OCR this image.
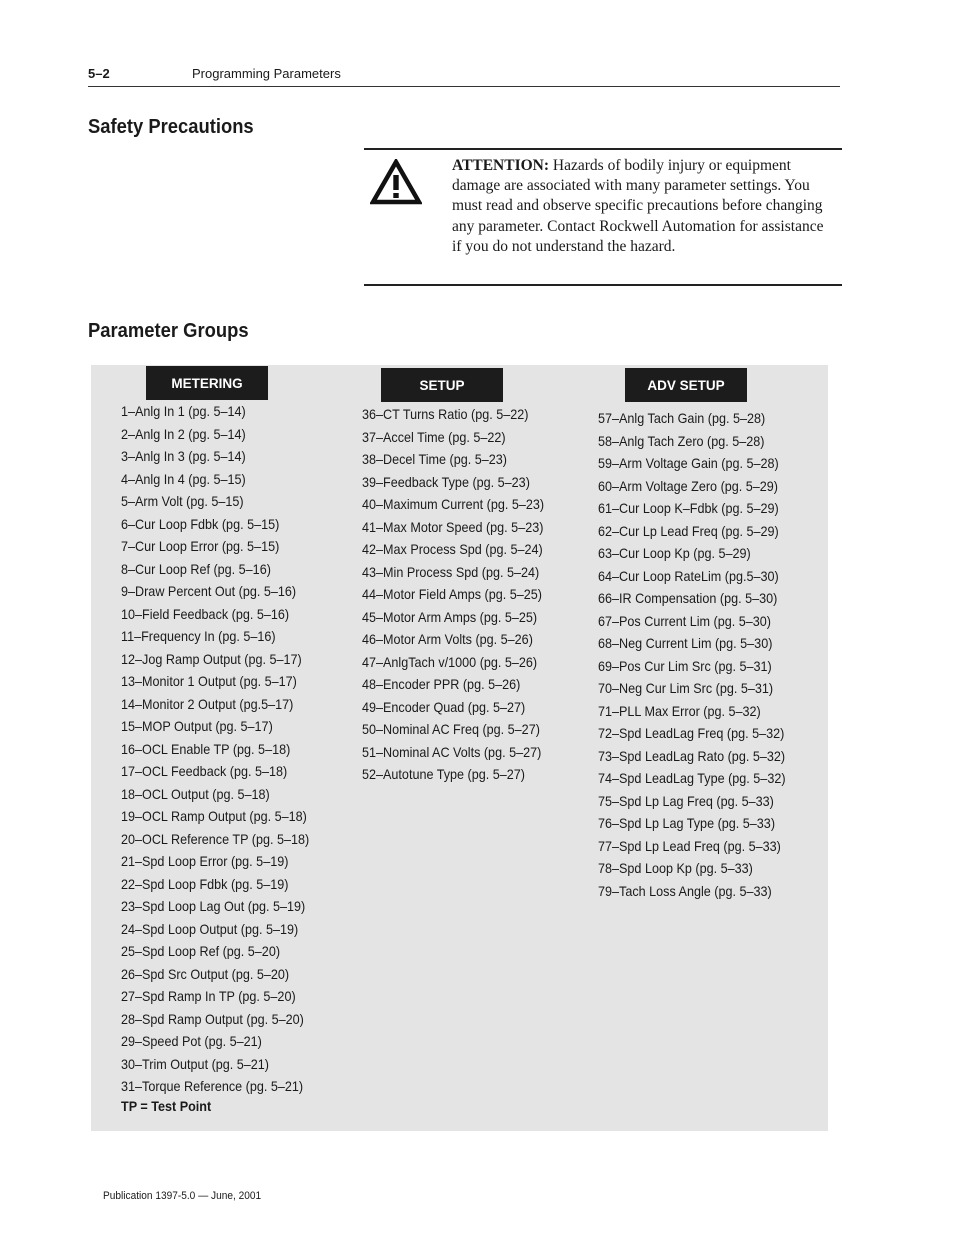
5–2	Programming Parameters
Safety Precautions
ATTENTION: Hazards of bodily injury or equipment damage are associated with many parameter settings. You must read and observe specific precautions before changing any parameter. Contact Rockwell Automation for assistance if you do not understand the hazard.
Parameter Groups
METERING
1–Anlg In 1 (pg. 5–14)
2–Anlg In 2 (pg. 5–14)
3–Anlg In 3 (pg. 5–14)
4–Anlg In 4 (pg. 5–15)
5–Arm Volt (pg. 5–15)
6–Cur Loop Fdbk (pg. 5–15)
7–Cur Loop Error (pg. 5–15)
8–Cur Loop Ref (pg. 5–16)
9–Draw Percent Out (pg. 5–16)
10–Field Feedback (pg. 5–16)
11–Frequency In (pg. 5–16)
12–Jog Ramp Output (pg. 5–17)
13–Monitor 1 Output (pg. 5–17)
14–Monitor 2 Output (pg.5–17)
15–MOP Output (pg. 5–17)
16–OCL Enable TP (pg. 5–18)
17–OCL Feedback (pg. 5–18)
18–OCL Output (pg. 5–18)
19–OCL Ramp Output (pg. 5–18)
20–OCL Reference TP (pg. 5–18)
21–Spd Loop Error (pg. 5–19)
22–Spd Loop Fdbk (pg. 5–19)
23–Spd Loop Lag Out (pg. 5–19)
24–Spd Loop Output (pg. 5–19)
25–Spd Loop Ref (pg. 5–20)
26–Spd Src Output (pg. 5–20)
27–Spd Ramp In TP (pg. 5–20)
28–Spd Ramp Output (pg. 5–20)
29–Speed Pot (pg. 5–21)
30–Trim Output (pg. 5–21)
31–Torque Reference (pg. 5–21)
TP = Test Point
SETUP
36–CT Turns Ratio (pg. 5–22)
37–Accel Time (pg. 5–22)
38–Decel Time (pg. 5–23)
39–Feedback Type (pg. 5–23)
40–Maximum Current (pg. 5–23)
41–Max Motor Speed (pg. 5–23)
42–Max Process Spd (pg. 5–24)
43–Min Process Spd (pg. 5–24)
44–Motor Field Amps (pg. 5–25)
45–Motor Arm Amps (pg. 5–25)
46–Motor Arm Volts (pg. 5–26)
47–AnlgTach v/1000 (pg. 5–26)
48–Encoder PPR (pg. 5–26)
49–Encoder Quad (pg. 5–27)
50–Nominal AC Freq (pg. 5–27)
51–Nominal AC Volts (pg. 5–27)
52–Autotune Type (pg. 5–27)
ADV SETUP
57–Anlg Tach Gain (pg. 5–28)
58–Anlg Tach Zero (pg. 5–28)
59–Arm Voltage Gain (pg. 5–28)
60–Arm Voltage Zero (pg. 5–29)
61–Cur Loop K–Fdbk (pg. 5–29)
62–Cur Lp Lead Freq (pg. 5–29)
63–Cur Loop Kp (pg. 5–29)
64–Cur Loop RateLim (pg.5–30)
66–IR Compensation (pg. 5–30)
67–Pos Current Lim (pg. 5–30)
68–Neg Current Lim (pg. 5–30)
69–Pos Cur Lim Src (pg. 5–31)
70–Neg Cur Lim Src (pg. 5–31)
71–PLL Max Error (pg. 5–32)
72–Spd LeadLag Freq (pg. 5–32)
73–Spd LeadLag Rato (pg. 5–32)
74–Spd LeadLag Type (pg. 5–32)
75–Spd Lp Lag Freq (pg. 5–33)
76–Spd Lp Lag Type (pg. 5–33)
77–Spd Lp Lead Freq (pg. 5–33)
78–Spd Loop Kp (pg. 5–33)
79–Tach Loss Angle (pg. 5–33)
Publication 1397-5.0 — June, 2001
